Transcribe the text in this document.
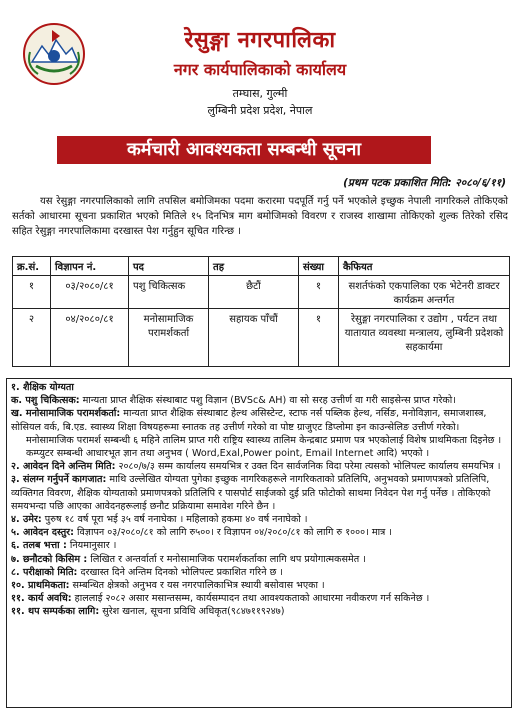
रेसुङ्गा नगरपालिका
नगर कार्यपालिकाको कार्यालय
तम्घास, गुल्मी
लुम्बिनी प्रदेश प्रदेश, नेपाल
कर्मचारी आवश्यकता सम्बन्धी सूचना
(प्रथम पटक प्रकाशित मिति: २०८०/६/११)

यस रेसुङ्गा नगरपालिकाको लागि तपसिल बमोजिमका पदमा करारमा पदपूर्ति गर्नु पर्ने भएकोले इच्छुक नेपाली नागरिकले तोकिएको सर्तको आधारमा सूचना प्रकाशित भएको मितिले १५ दिनभित्र माग बमोजिमको विवरण र राजस्व शाखामा तोकिएको शुल्क तिरेको रसिद सहित रेसुङ्गा नगरपालिकामा दरखास्त पेश गर्नुहुन सूचित गरिन्छ ।

क्र.सं.	विज्ञापन नं.	पद	तह	संख्या	कैफियत
१	०३/२०८०/८१	पशु चिकित्सक	छैटौं	१	सशर्तफंको एकपालिका एक भेटेनरी डाक्टर कार्यक्रम अन्तर्गत
२	०४/२०८०/८१	मनोसामाजिक परामर्शकर्ता	सहायक पाँचौं	१	रेसुङ्गा नगरपालिका र उद्योग , पर्यटन तथा यातायात व्यवस्था मन्त्रालय, लुम्बिनी प्रदेशको सहकार्यमा

१. शैक्षिक योग्यता

क. पशु चिकित्सक: मान्यता प्राप्त शैक्षिक संस्थाबाट पशु विज्ञान (BVSc& AH) वा सो सरह उत्तीर्ण वा गरी साइसेन्स प्राप्त गरेको।

ख. मनोसामाजिक परामर्शकर्ता: मान्यता प्राप्त शैक्षिक संस्थाबाट हेल्थ असिस्टेन्ट, स्टाफ नर्स पब्लिक हेल्थ, नर्सिङ, मनोविज्ञान, समाजशास्त्र, सोसियल वर्क, बि.एड. स्वास्थ्य शिक्षा विषयहरूमा स्नातक तह उत्तीर्ण गरेको वा पोष्ट ग्राजुएट डिप्लोमा इन काउन्सेलिङ उत्तीर्ण गरेको।

मनोसामाजिक परामर्श सम्बन्धी ६ महिने तालिम प्राप्त गरी राष्ट्रिय स्वास्थ्य तालिम केन्द्रबाट प्रमाण पत्र भएकोलाई विशेष प्राथमिकता दिइनेछ । कम्प्युटर सम्बन्धी आधारभूत ज्ञान तथा अनुभव ( Word,Exal,Power point, Email Internet आदि) भएको ।

२. आवेदन दिने अन्तिम मिति: २०८०/७/३ सम्म कार्यालय समयभित्र र उक्त दिन सार्वजनिक विदा परेमा त्यसको भोलिपल्ट कार्यालय समयभित्र ।

३. संलग्न गर्नुपर्ने कागजात: माथि उल्लेखित योग्यता पुगेका इच्छुक नागरिकहरूले नागरिकताको प्रतिलिपि, अनुभवको प्रमाणपत्रको प्रतिलिपि, व्यक्तिगत विवरण, शैक्षिक योग्यताको प्रमाणपत्रको प्रतिलिपि र पासपोर्ट साईजको दुई प्रति फोटोको साथमा निवेदन पेश गर्नु पर्नेछ । तोकिएको समयभन्दा पछि आएका आवेदनहरूलाई छनौट प्रक्रियामा समावेश गरिने छैन ।

४. उमेर: पुरुष १८ वर्ष पूरा भई ३५ वर्ष ननाघेका । महिलाको हकमा ४० वर्ष ननाघेको ।

५. आवेदन दस्तुर: विज्ञापन ०३/२०८०/८१ को लागि रु५००। र विज्ञापन ०४/२०८०/८१ को लागि रु १०००। मात्र ।

६. तलब भत्ता : नियमानुसार ।

७. छनौटको किसिम : लिखित र अन्तर्वार्ता र मनोसामाजिक परामर्शकर्ताका लागि थप प्रयोगात्मकसमेत ।

८. परीक्षाको मिति: दरखास्त दिने अन्तिम दिनको भोलिपल्ट प्रकाशित गरिने छ ।

१०. प्राथमिकता: सम्बन्धित क्षेत्रको अनुभव र यस नगरपालिकाभित्र स्थायी बसोवास भएका ।

११. कार्य अवधि: हाललाई २०८२ असार मसान्तसम्म, कार्यसम्पादन तथा आवश्यकताको आधारमा नवीकरण गर्न सकिनेछ ।

११. थप सम्पर्कका लागि: सुरेश खनाल, सूचना प्रविधि अधिकृत(९८४७११९२४७)
